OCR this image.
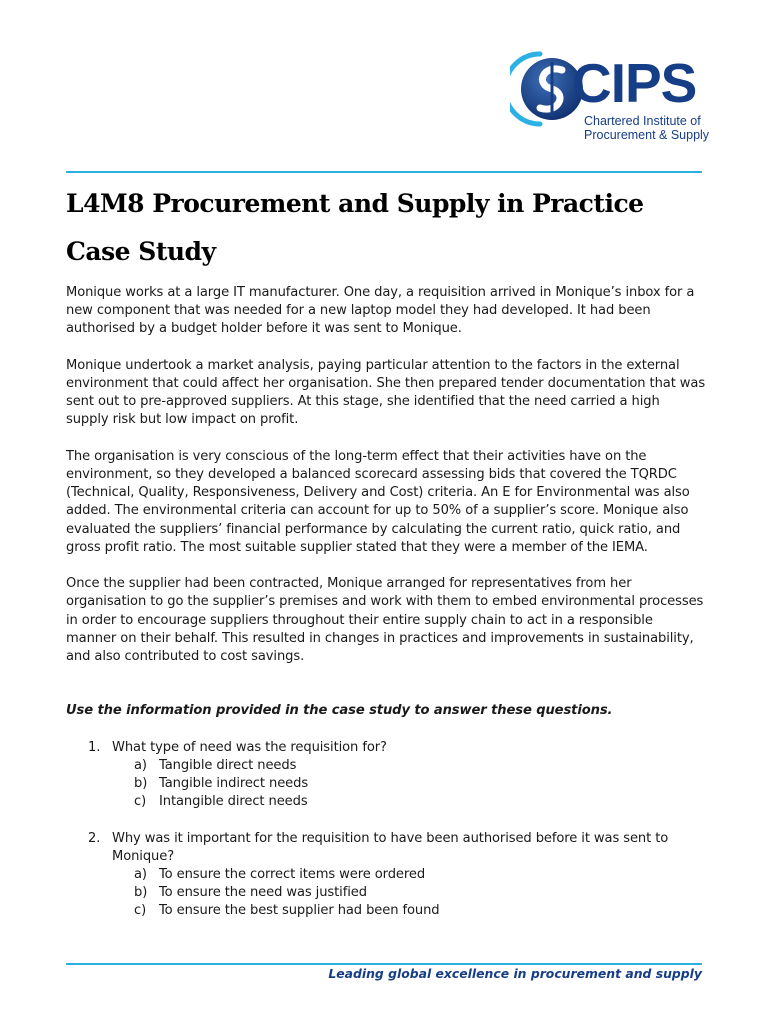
CIPS
Chartered Institute of
Procurement & Supply
L4M8 Procurement and Supply in Practice
Case Study

Monique works at a large IT manufacturer. One day, a requisition arrived in Monique’s inbox for a new component that was needed for a new laptop model they had developed. It had been authorised by a budget holder before it was sent to Monique.

Monique undertook a market analysis, paying particular attention to the factors in the external environment that could affect her organisation. She then prepared tender documentation that was sent out to pre-approved suppliers. At this stage, she identified that the need carried a high supply risk but low impact on profit.

The organisation is very conscious of the long-term effect that their activities have on the environment, so they developed a balanced scorecard assessing bids that covered the TQRDC (Technical, Quality, Responsiveness, Delivery and Cost) criteria. An E for Environmental was also added. The environmental criteria can account for up to 50% of a supplier’s score. Monique also evaluated the suppliers’ financial performance by calculating the current ratio, quick ratio, and gross profit ratio. The most suitable supplier stated that they were a member of the IEMA.

Once the supplier had been contracted, Monique arranged for representatives from her organisation to go the supplier’s premises and work with them to embed environmental processes in order to encourage suppliers throughout their entire supply chain to act in a responsible manner on their behalf. This resulted in changes in practices and improvements in sustainability, and also contributed to cost savings.

Use the information provided in the case study to answer these questions.

1. What type of need was the requisition for?
a) Tangible direct needs
b) Tangible indirect needs
c) Intangible direct needs
2. Why was it important for the requisition to have been authorised before it was sent to Monique?
a) To ensure the correct items were ordered
b) To ensure the need was justified
c) To ensure the best supplier had been found
Leading global excellence in procurement and supply
